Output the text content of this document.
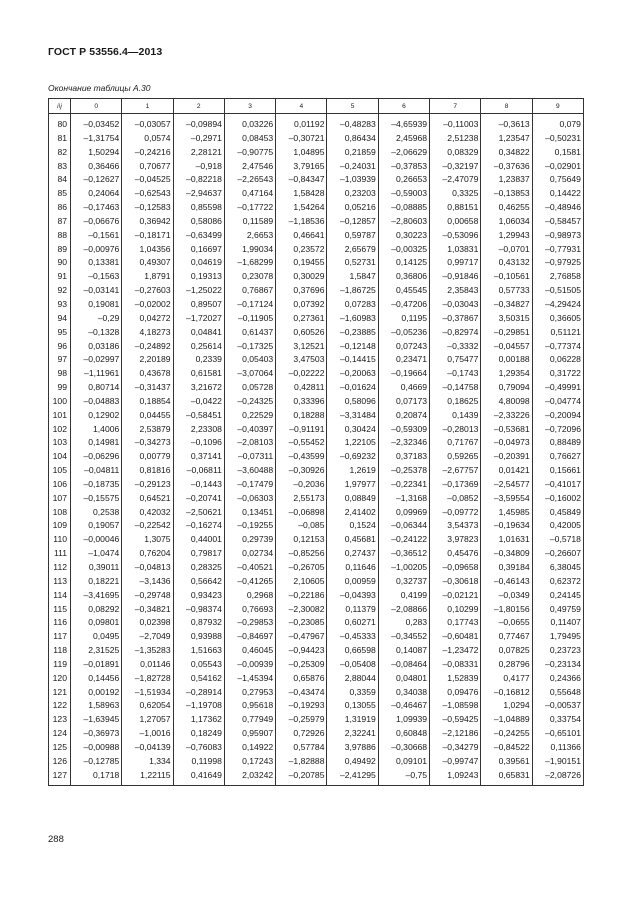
ГОСТ Р 53556.4—2013
Окончание таблицы А.30
i\j	0	1	2	3	4	5	6	7	8	9
80	–0,03452	–0,03057	–0,09894	0,03226	0,01192	–0,48283	–4,65939	–0,11003	–0,3613	0,079
81	–1,31754	0,0574	–0,2971	0,08453	–0,30721	0,86434	2,45968	2,51238	1,23547	–0,50231
82	1,50294	–0,24216	2,28121	–0,90775	1,04895	0,21859	–2,06629	0,08329	0,34822	0,1581
83	0,36466	0,70677	–0,918	2,47546	3,79165	–0,24031	–0,37853	–0,32197	–0,37636	–0,02901
84	–0,12627	–0,04525	–0,82218	–2,26543	–0,84347	–1,03939	0,26653	–2,47079	1,23837	0,75649
85	0,24064	–0,62543	–2,94637	0,47164	1,58428	0,23203	–0,59003	0,3325	–0,13853	0,14422
86	–0,17463	–0,12583	0,85598	–0,17722	1,54264	0,05216	–0,08885	0,88151	0,46255	–0,48946
87	–0,06676	0,36942	0,58086	0,11589	–1,18536	–0,12857	–2,80603	0,00658	1,06034	–0,58457
88	–0,1561	–0,18171	–0,63499	2,6653	0,46641	0,59787	0,30223	–0,53096	1,29943	–0,98973
89	–0,00976	1,04356	0,16697	1,99034	0,23572	2,65679	–0,00325	1,03831	–0,0701	–0,77931
90	0,13381	0,49307	0,04619	–1,68299	0,19455	0,52731	0,14125	0,99717	0,43132	–0,97925
91	–0,1563	1,8791	0,19313	0,23078	0,30029	1,5847	0,36806	–0,91846	–0,10561	2,76858
92	–0,03141	–0,27603	–1,25022	0,76867	0,37696	–1,86725	0,45545	2,35843	0,57733	–0,51505
93	0,19081	–0,02002	0,89507	–0,17124	0,07392	0,07283	–0,47206	–0,03043	–0,34827	–4,29424
94	–0,29	0,04272	–1,72027	–0,11905	0,27361	–1,60983	0,1195	–0,37867	3,50315	0,36605
95	–0,1328	4,18273	0,04841	0,61437	0,60526	–0,23885	–0,05236	–0,82974	–0,29851	0,51121
96	0,03186	–0,24892	0,25614	–0,17325	3,12521	–0,12148	0,07243	–0,3332	–0,04557	–0,77374
97	–0,02997	2,20189	0,2339	0,05403	3,47503	–0,14415	0,23471	0,75477	0,00188	0,06228
98	–1,11961	0,43678	0,61581	–3,07064	–0,02222	–0,20063	–0,19664	–0,1743	1,29354	0,31722
99	0,80714	–0,31437	3,21672	0,05728	0,42811	–0,01624	0,4669	–0,14758	0,79094	–0,49991
100	–0,04883	0,18854	–0,0422	–0,24325	0,33396	0,58096	0,07173	0,18625	4,80098	–0,04774
101	0,12902	0,04455	–0,58451	0,22529	0,18288	–3,31484	0,20874	0,1439	–2,33226	–0,20094
102	1,4006	2,53879	2,23308	–0,40397	–0,91191	0,30424	–0,59309	–0,28013	–0,53681	–0,72096
103	0,14981	–0,34273	–0,1096	–2,08103	–0,55452	1,22105	–2,32346	0,71767	–0,04973	0,88489
104	–0,06296	0,00779	0,37141	–0,07311	–0,43599	–0,69232	0,37183	0,59265	–0,20391	0,76627
105	–0,04811	0,81816	–0,06811	–3,60488	–0,30926	1,2619	–0,25378	–2,67757	0,01421	0,15661
106	–0,18735	–0,29123	–0,1443	–0,17479	–0,2036	1,97977	–0,22341	–0,17369	–2,54577	–0,41017
107	–0,15575	0,64521	–0,20741	–0,06303	2,55173	0,08849	–1,3168	–0,0852	–3,59554	–0,16002
108	0,2538	0,42032	–2,50621	0,13451	–0,06898	2,41402	0,09969	–0,09772	1,45985	0,45849
109	0,19057	–0,22542	–0,16274	–0,19255	–0,085	0,1524	–0,06344	3,54373	–0,19634	0,42005
110	–0,00046	1,3075	0,44001	0,29739	0,12153	0,45681	–0,24122	3,97823	1,01631	–0,5718
111	–1,0474	0,76204	0,79817	0,02734	–0,85256	0,27437	–0,36512	0,45476	–0,34809	–0,26607
112	0,39011	–0,04813	0,28325	–0,40521	–0,26705	0,11646	–1,00205	–0,09658	0,39184	6,38045
113	0,18221	–3,1436	0,56642	–0,41265	2,10605	0,00959	0,32737	–0,30618	–0,46143	0,62372
114	–3,41695	–0,29748	0,93423	0,2968	–0,22186	–0,04393	0,4199	–0,02121	–0,0349	0,24145
115	0,08292	–0,34821	–0,98374	0,76693	–2,30082	0,11379	–2,08866	0,10299	–1,80156	0,49759
116	0,09801	0,02398	0,87932	–0,29853	–0,23085	0,60271	0,283	0,17743	–0,0655	0,11407
117	0,0495	–2,7049	0,93988	–0,84697	–0,47967	–0,45333	–0,34552	–0,60481	0,77467	1,79495
118	2,31525	–1,35283	1,51663	0,46045	–0,94423	0,66598	0,14087	–1,23472	0,07825	0,23723
119	–0,01891	0,01146	0,05543	–0,00939	–0,25309	–0,05408	–0,08464	–0,08331	0,28796	–0,23134
120	0,14456	–1,82728	0,54162	–1,45394	0,65876	2,88044	0,04801	1,52839	0,4177	0,24366
121	0,00192	–1,51934	–0,28914	0,27953	–0,43474	0,3359	0,34038	0,09476	–0,16812	0,55648
122	1,58963	0,62054	–1,19708	0,95618	–0,19293	0,13055	–0,46467	–1,08598	1,0294	–0,00537
123	–1,63945	1,27057	1,17362	0,77949	–0,25979	1,31919	1,09939	–0,59425	–1,04889	0,33754
124	–0,36973	–1,0016	0,18249	0,95907	0,72926	2,32241	0,60848	–2,12186	–0,24255	–0,65101
125	–0,00988	–0,04139	–0,76083	0,14922	0,57784	3,97886	–0,30668	–0,34279	–0,84522	0,11366
126	–0,12785	1,334	0,11998	0,17243	–1,82888	0,49492	0,09101	–0,99747	0,39561	–1,90151
127	0,1718	1,22115	0,41649	2,03242	–0,20785	–2,41295	–0,75	1,09243	0,65831	–2,08726
288
